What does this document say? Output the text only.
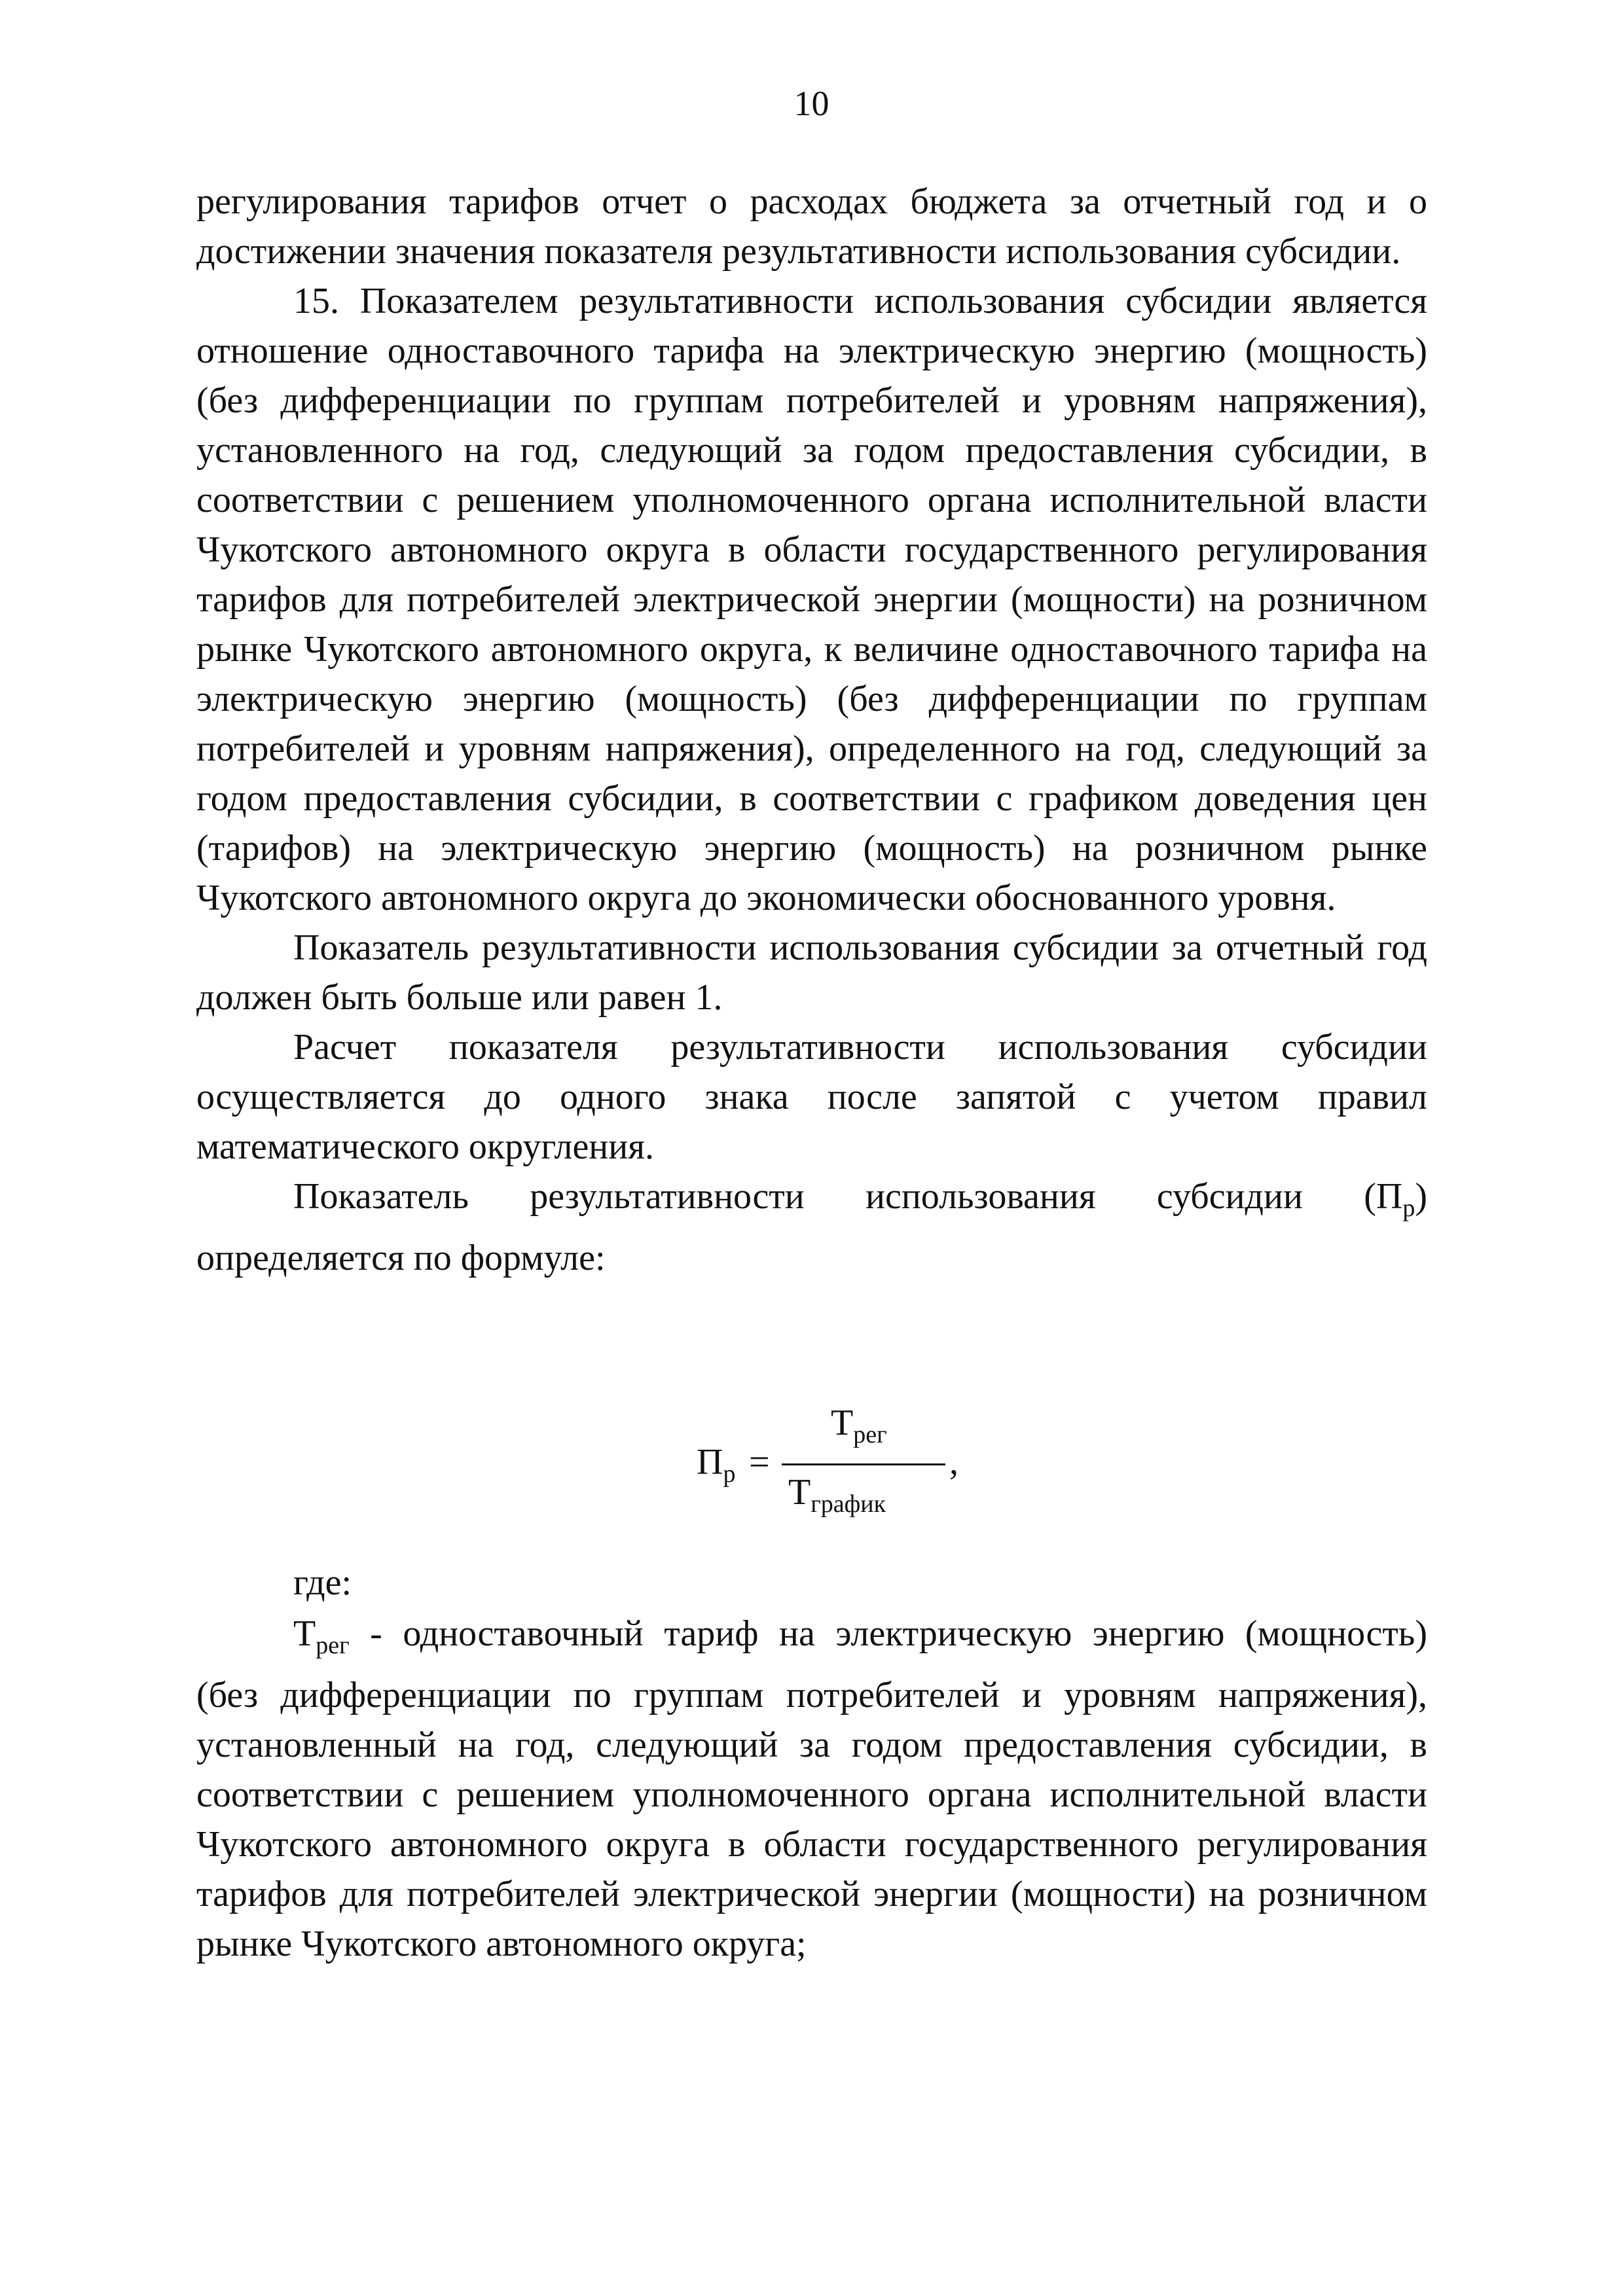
10

регулирования тарифов отчет о расходах бюджета за отчетный год и о достижении значения показателя результативности использования субсидии.

15. Показателем результативности использования субсидии является отношение одноставочного тарифа на электрическую энергию (мощность) (без дифференциации по группам потребителей и уровням напряжения), установленного на год, следующий за годом предоставления субсидии, в соответствии с решением уполномоченного органа исполнительной власти Чукотского автономного округа в области государственного регулирования тарифов для потребителей электрической энергии (мощности) на розничном рынке Чукотского автономного округа, к величине одноставочного тарифа на электрическую энергию (мощность) (без дифференциации по группам потребителей и уровням напряжения), определенного на год, следующий за годом предоставления субсидии, в соответствии с графиком доведения цен (тарифов) на электрическую энергию (мощность) на розничном рынке Чукотского автономного округа до экономически обоснованного уровня.

Показатель результативности использования субсидии за отчетный год должен быть больше или равен 1.

Расчет показателя результативности использования субсидии осуществляется до одного знака после запятой с учетом правил математического округления.

Показатель результативности использования субсидии $(П_р)$

определяется по формуле:

$П_р$ =
$Т_{рег}$
$Т_{график}$
,
где:

$Т_{рег}$ - одноставочный тариф на электрическую энергию (мощность)

(без дифференциации по группам потребителей и уровням напряжения), установленный на год, следующий за годом предоставления субсидии, в соответствии с решением уполномоченного органа исполнительной власти Чукотского автономного округа в области государственного регулирования тарифов для потребителей электрической энергии (мощности) на розничном рынке Чукотского автономного округа;
